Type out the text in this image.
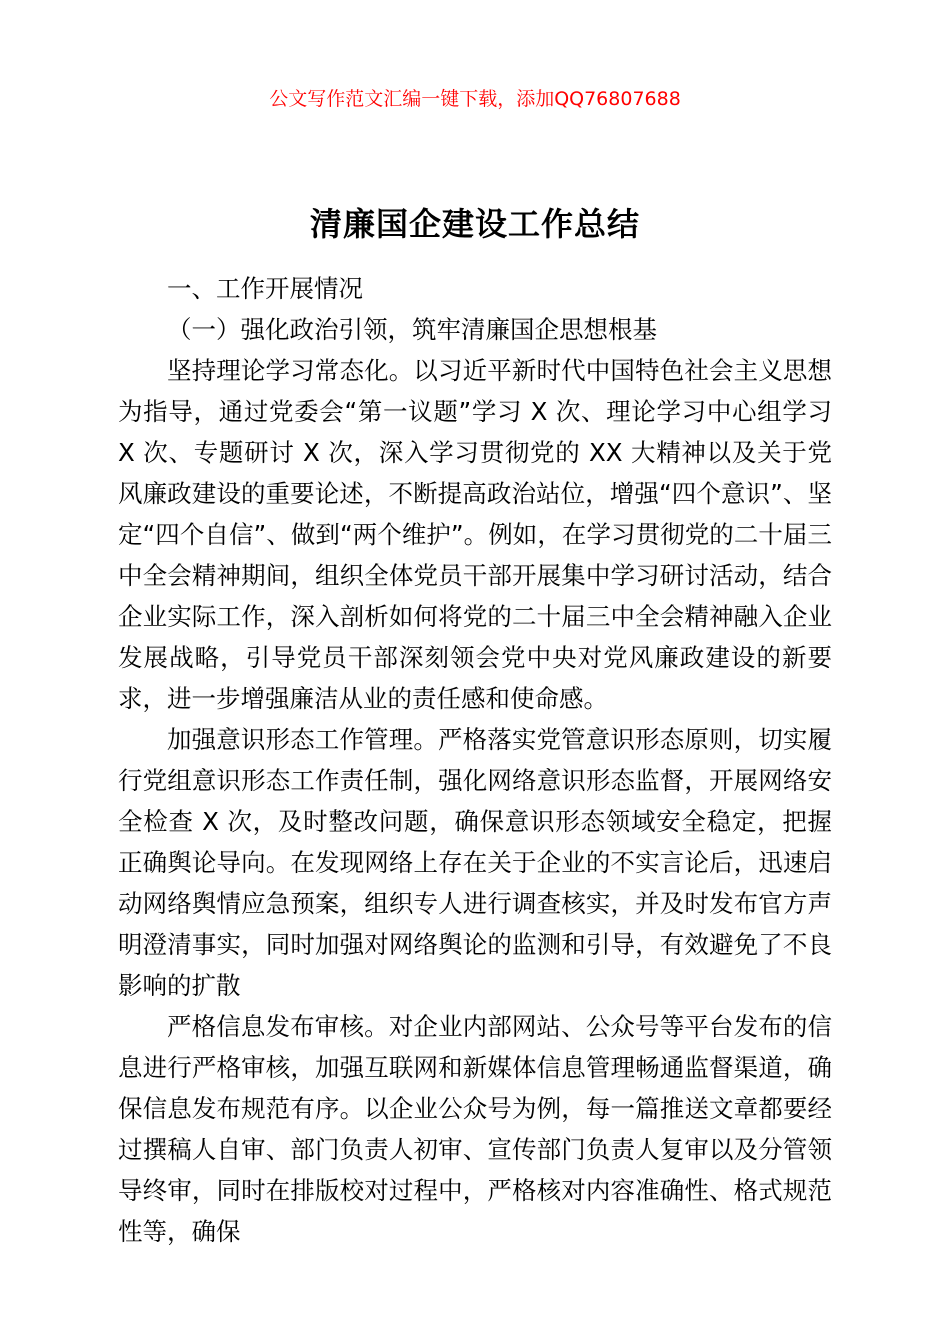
公文写作范文汇编一键下载，添加QQ76807688
清廉国企建设工作总结

一、工作开展情况

（一）强化政治引领，筑牢清廉国企思想根基

坚持理论学习常态化。以习近平新时代中国特色社会主义思想为指导，通过党委会“第一议题”学习 X 次、理论学习中心组学习 X 次、专题研讨 X 次，深入学习贯彻党的 XX 大精神以及关于党风廉政建设的重要论述，不断提高政治站位，增强“四个意识”、坚定“四个自信”、做到“两个维护”。例如，在学习贯彻党的二十届三中全会精神期间，组织全体党员干部开展集中学习研讨活动，结合企业实际工作，深入剖析如何将党的二十届三中全会精神融入企业发展战略，引导党员干部深刻领会党中央对党风廉政建设的新要求，进一步增强廉洁从业的责任感和使命感。

加强意识形态工作管理。严格落实党管意识形态原则，切实履行党组意识形态工作责任制，强化网络意识形态监督，开展网络安全检查 X 次，及时整改问题，确保意识形态领域安全稳定，把握正确舆论导向。在发现网络上存在关于企业的不实言论后，迅速启动网络舆情应急预案，组织专人进行调查核实，并及时发布官方声明澄清事实，同时加强对网络舆论的监测和引导，有效避免了不良影响的扩散

严格信息发布审核。对企业内部网站、公众号等平台发布的信息进行严格审核，加强互联网和新媒体信息管理畅通监督渠道，确保信息发布规范有序。以企业公众号为例，每一篇推送文章都要经过撰稿人自审、部门负责人初审、宣传部门负责人复审以及分管领导终审，同时在排版校对过程中，严格核对内容准确性、格式规范性等，确保
